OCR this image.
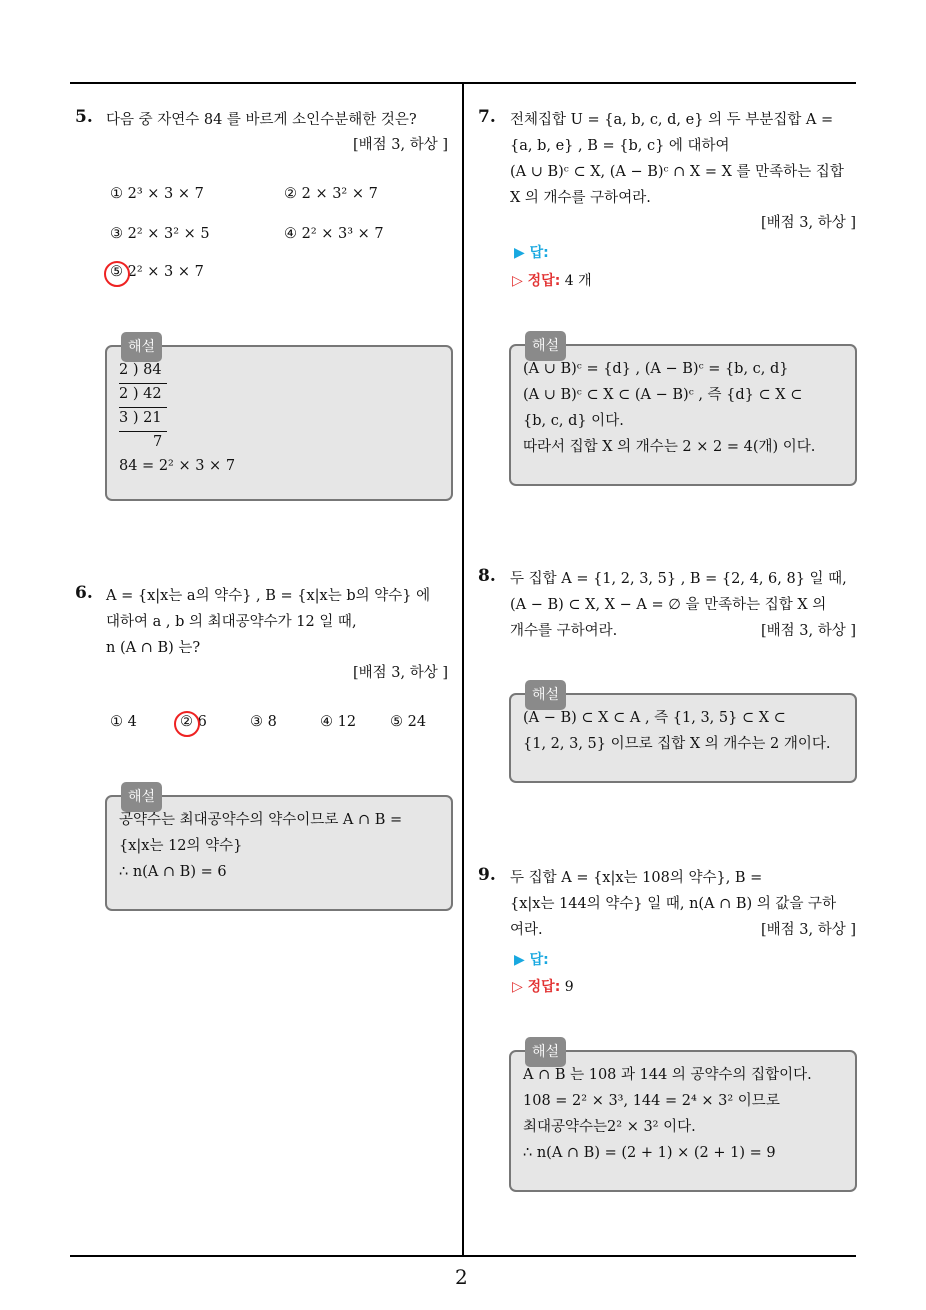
5. 다음 중 자연수 84 를 바르게 소인수분해한 것은?
[배점 3, 하상 ]
① 2³ × 3 × 7	② 2 × 3² × 7
③ 2² × 3² × 5	④ 2² × 3³ × 7
⑤ 2² × 3 × 7
해설
2 ) 84
2 ) 42
3 ) 21
7
84 = 2² × 3 × 7
6. A = {x|x는 a의 약수} , B = {x|x는 b의 약수} 에
대하여 a , b 의 최대공약수가 12 일 때,
n (A ∩ B) 는?
[배점 3, 하상 ]
① 4	② 6	③ 8	④ 12 ⑤ 24
해설
공약수는 최대공약수의 약수이므로 A ∩ B =
{x|x는 12의 약수}
∴ n(A ∩ B) = 6
7. 전체집합 U = {a, b, c, d, e} 의 두 부분집합 A =
{a, b, e} , B = {b, c} 에 대하여
(A ∪ B)ᶜ ⊂ X, (A − B)ᶜ ∩ X = X 를 만족하는 집합
X 의 개수를 구하여라.
[배점 3, 하상 ]
▶ 답:
▷ 정답: 4 개
해설
(A ∪ B)ᶜ = {d} , (A − B)ᶜ = {b, c, d}
(A ∪ B)ᶜ ⊂ X ⊂ (A − B)ᶜ , 즉 {d} ⊂ X ⊂
{b, c, d} 이다.
따라서 집합 X 의 개수는 2 × 2 = 4(개) 이다.
8. 두 집합 A = {1, 2, 3, 5} , B = {2, 4, 6, 8} 일 때,
(A − B) ⊂ X, X − A = ∅ 을 만족하는 집합 X 의
개수를 구하여라.	[배점 3, 하상 ]
해설
(A − B) ⊂ X ⊂ A , 즉 {1, 3, 5} ⊂ X ⊂
{1, 2, 3, 5} 이므로 집합 X 의 개수는 2 개이다.
9. 두 집합 A = {x|x는 108의 약수}, B =
{x|x는 144의 약수} 일 때, n(A ∩ B) 의 값을 구하
여라.	[배점 3, 하상 ]
▶ 답:
▷ 정답: 9
해설
A ∩ B 는 108 과 144 의 공약수의 집합이다.
108 = 2² × 3³, 144 = 2⁴ × 3² 이므로
최대공약수는2² × 3² 이다.
∴ n(A ∩ B) = (2 + 1) × (2 + 1) = 9
2
